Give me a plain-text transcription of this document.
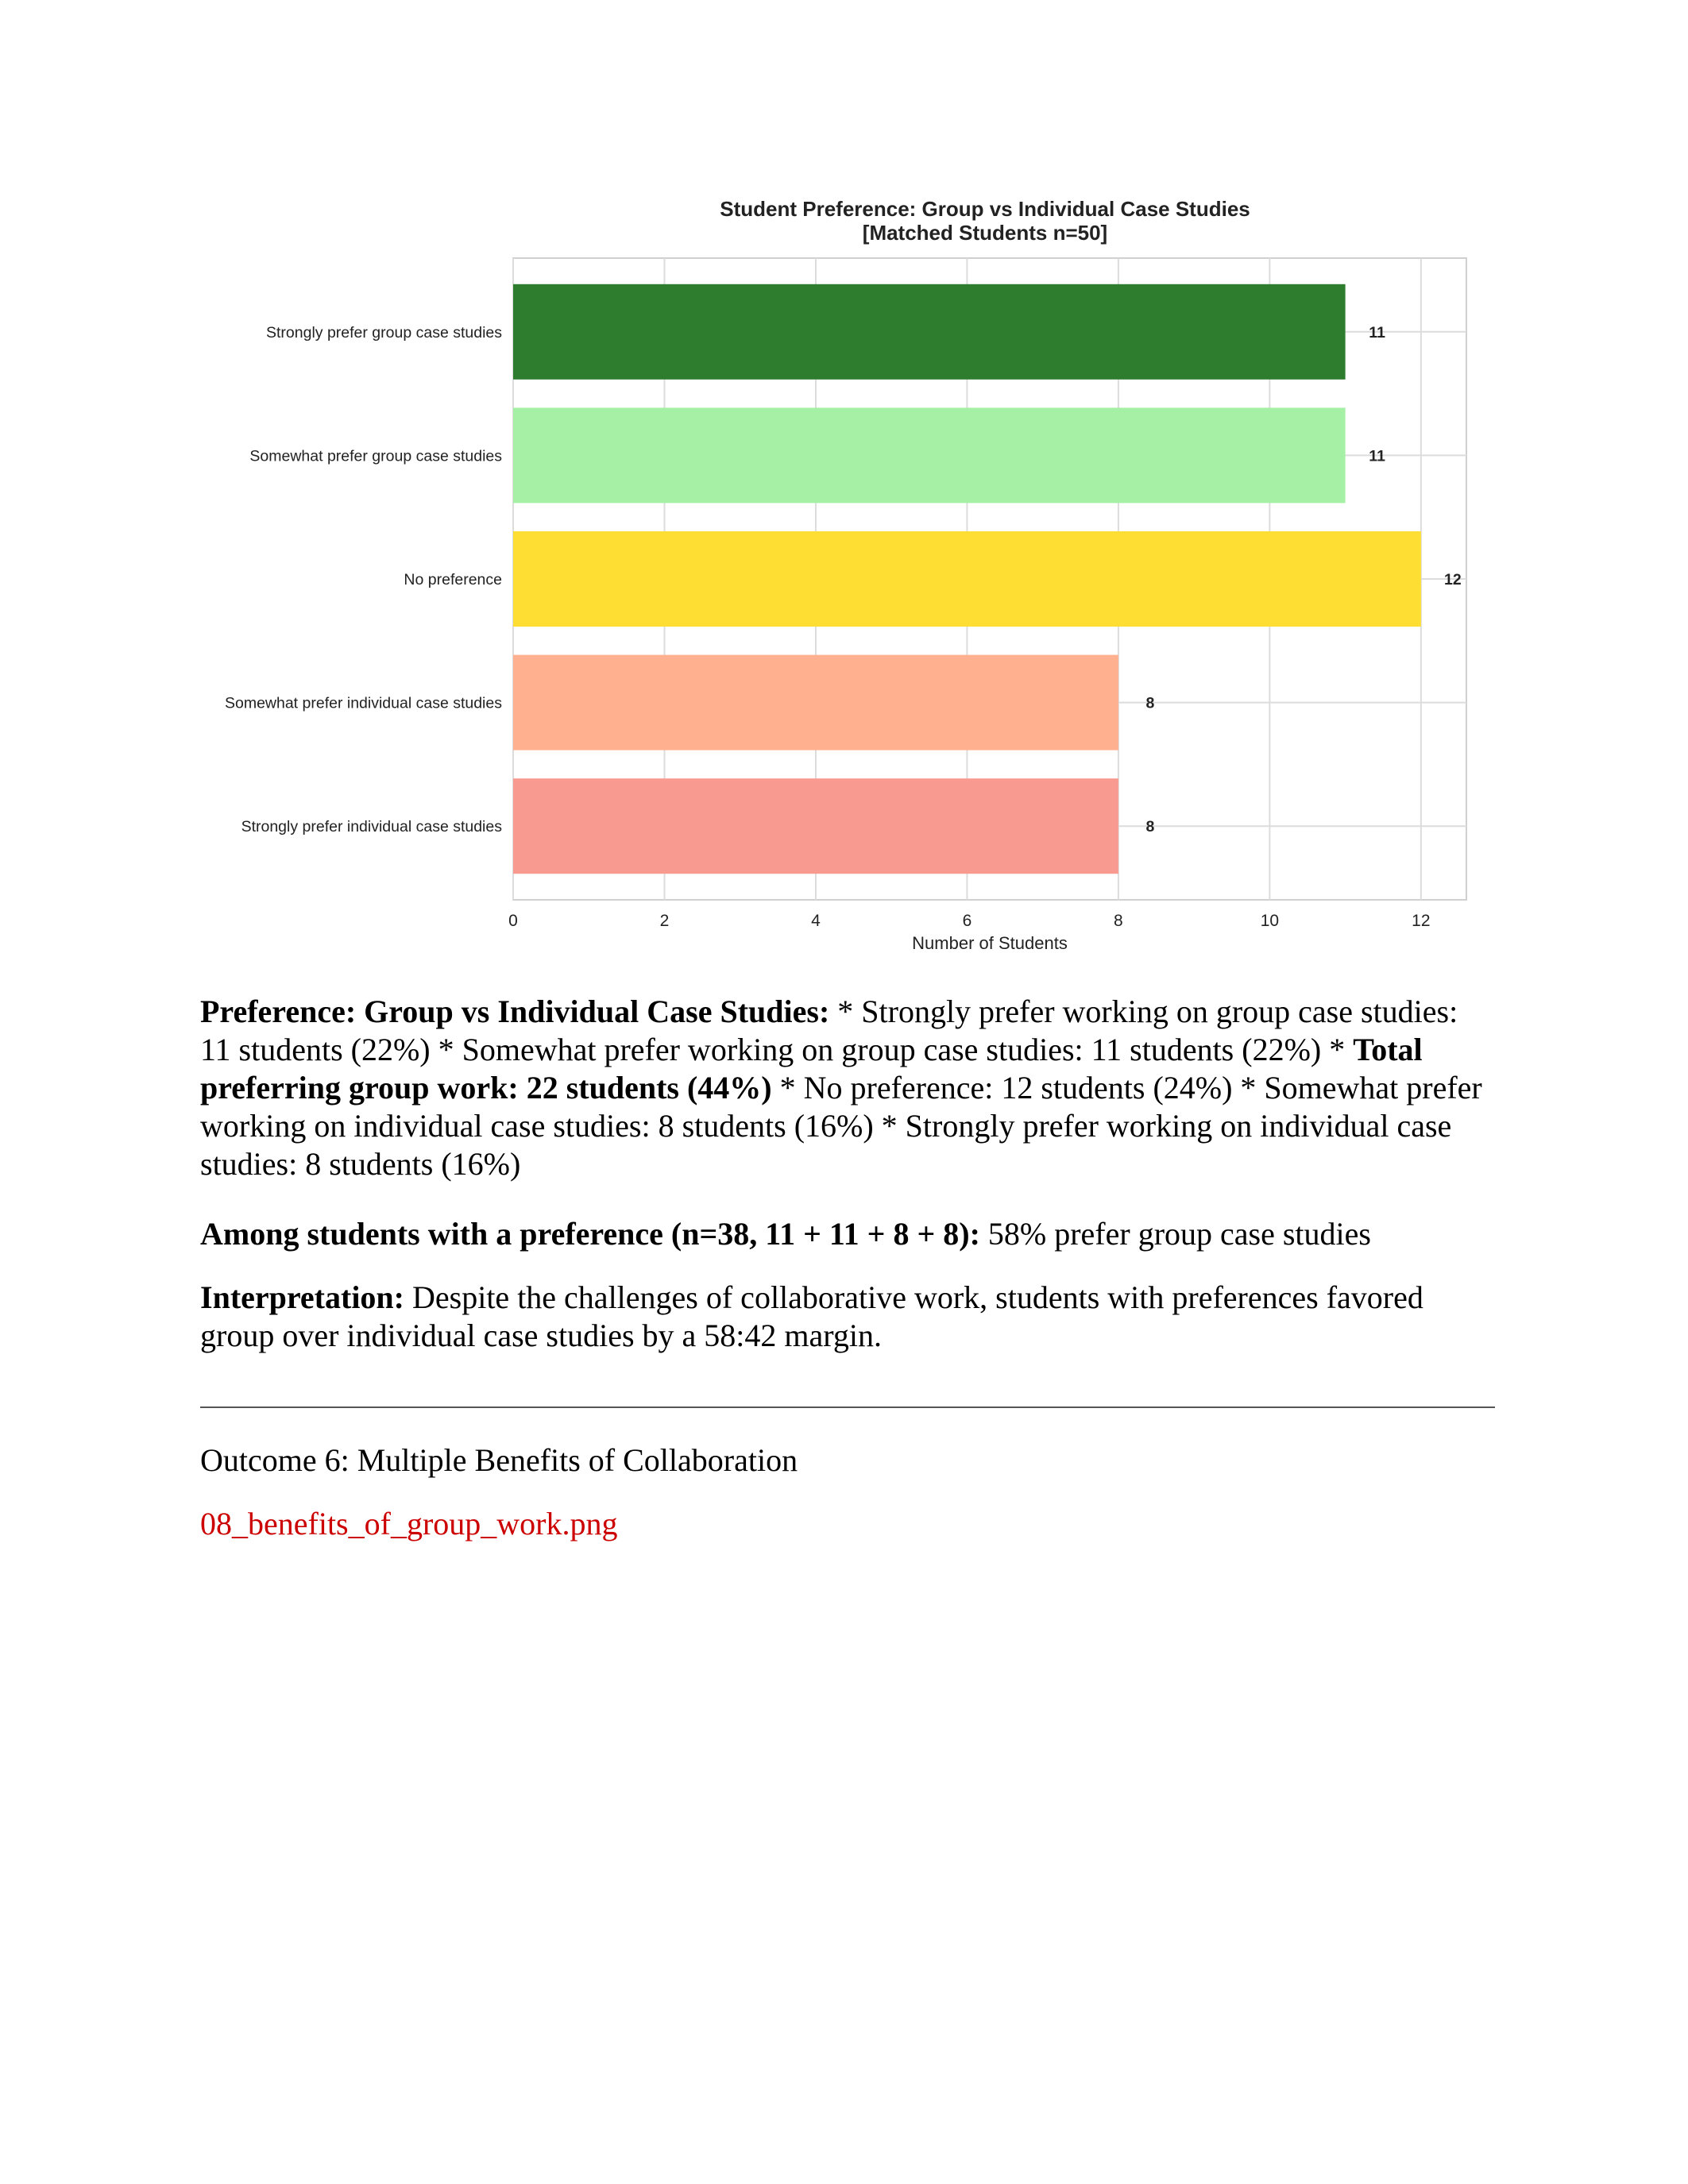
Student Preference: Group vs Individual Case Studies
[Matched Students n=50]
0	2	4	6	8	10	12
Strongly prefer group case studies	11
Somewhat prefer group case studies	11
No preference	12
Somewhat prefer individual case studies	8
Strongly prefer individual case studies	8
Number of Students

Preference: Group vs Individual Case Studies: * Strongly prefer working on group case studies: 11 students (22%) * Somewhat prefer working on group case studies: 11 students (22%) * Total preferring group work: 22 students (44%) * No preference: 12 students (24%) * Somewhat prefer working on individual case studies: 8 students (16%) * Strongly prefer working on individual case studies: 8 students (16%)

Among students with a preference (n=38, 11 + 11 + 8 + 8): 58% prefer group case studies

Interpretation: Despite the challenges of collaborative work, students with preferences favored group over individual case studies by a 58:42 margin.

Outcome 6: Multiple Benefits of Collaboration

08_benefits_of_group_work.png
